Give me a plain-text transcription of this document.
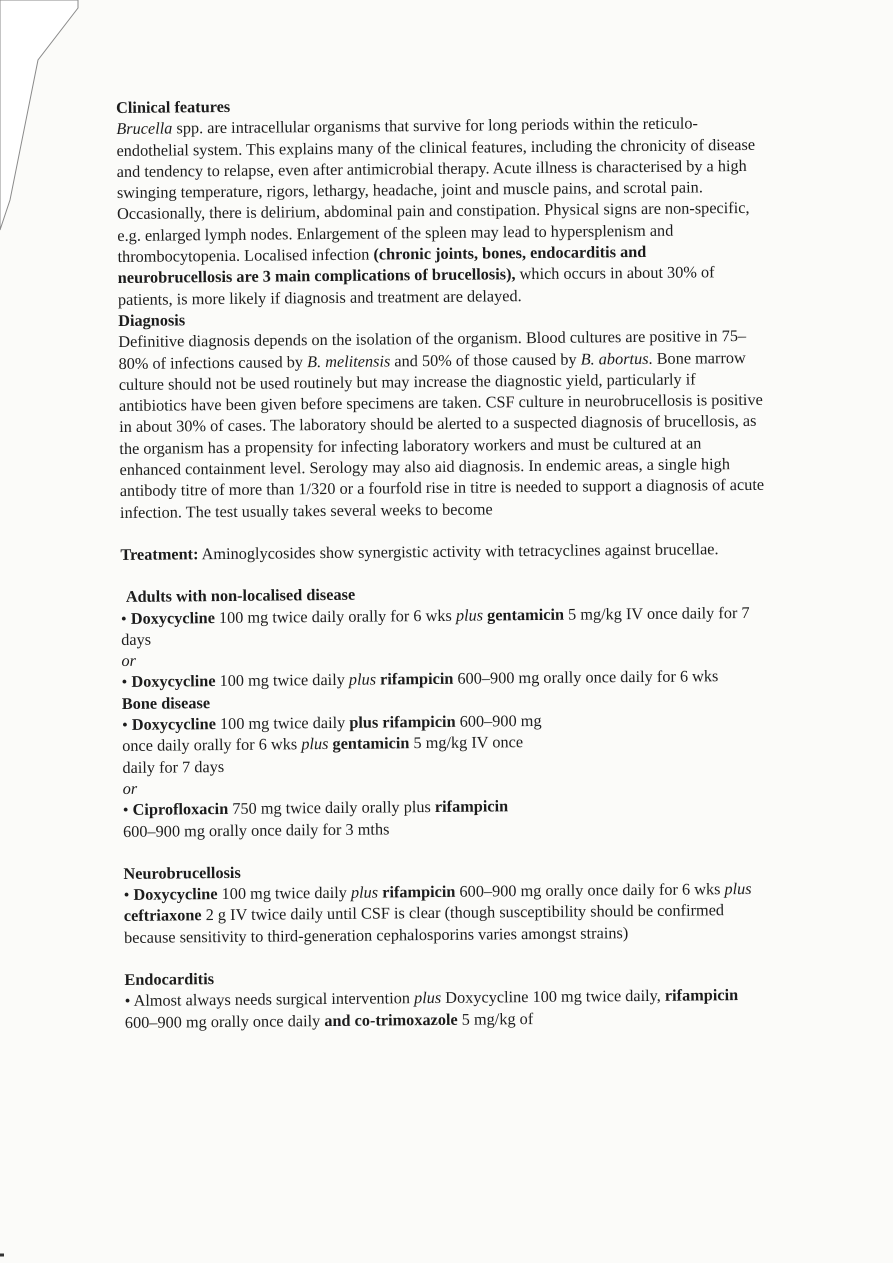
Clinical features

Brucella spp. are intracellular organisms that survive for long periods within the reticulo-endothelial system. This explains many of the clinical features, including the chronicity of disease and tendency to relapse, even after antimicrobial therapy. Acute illness is characterised by a high swinging temperature, rigors, lethargy, headache, joint and muscle pains, and scrotal pain. Occasionally, there is delirium, abdominal pain and constipation. Physical signs are non-specific, e.g. enlarged lymph nodes. Enlargement of the spleen may lead to hypersplenism and thrombocytopenia. Localised infection (chronic joints, bones, endocarditis and neurobrucellosis are 3 main complications of brucellosis), which occurs in about 30% of patients, is more likely if diagnosis and treatment are delayed.

Diagnosis

Definitive diagnosis depends on the isolation of the organism. Blood cultures are positive in 75–80% of infections caused by B. melitensis and 50% of those caused by B. abortus. Bone marrow culture should not be used routinely but may increase the diagnostic yield, particularly if antibiotics have been given before specimens are taken. CSF culture in neurobrucellosis is positive in about 30% of cases. The laboratory should be alerted to a suspected diagnosis of brucellosis, as the organism has a propensity for infecting laboratory workers and must be cultured at an enhanced containment level. Serology may also aid diagnosis. In endemic areas, a single high antibody titre of more than 1/320 or a fourfold rise in titre is needed to support a diagnosis of acute infection. The test usually takes several weeks to become

Treatment: Aminoglycosides show synergistic activity with tetracyclines against brucellae.

Adults with non-localised disease

• Doxycycline 100 mg twice daily orally for 6 wks plus gentamicin 5 mg/kg IV once daily for 7 days

or

• Doxycycline 100 mg twice daily plus rifampicin 600–900 mg orally once daily for 6 wks

Bone disease

• Doxycycline 100 mg twice daily plus rifampicin 600–900 mg

once daily orally for 6 wks plus gentamicin 5 mg/kg IV once

daily for 7 days

or

• Ciprofloxacin 750 mg twice daily orally plus rifampicin

600–900 mg orally once daily for 3 mths

Neurobrucellosis

• Doxycycline 100 mg twice daily plus rifampicin 600–900 mg orally once daily for 6 wks plus ceftriaxone 2 g IV twice daily until CSF is clear (though susceptibility should be confirmed because sensitivity to third-generation cephalosporins varies amongst strains)

Endocarditis

• Almost always needs surgical intervention plus Doxycycline 100 mg twice daily, rifampicin 600–900 mg orally once daily and co-trimoxazole 5 mg/kg of
